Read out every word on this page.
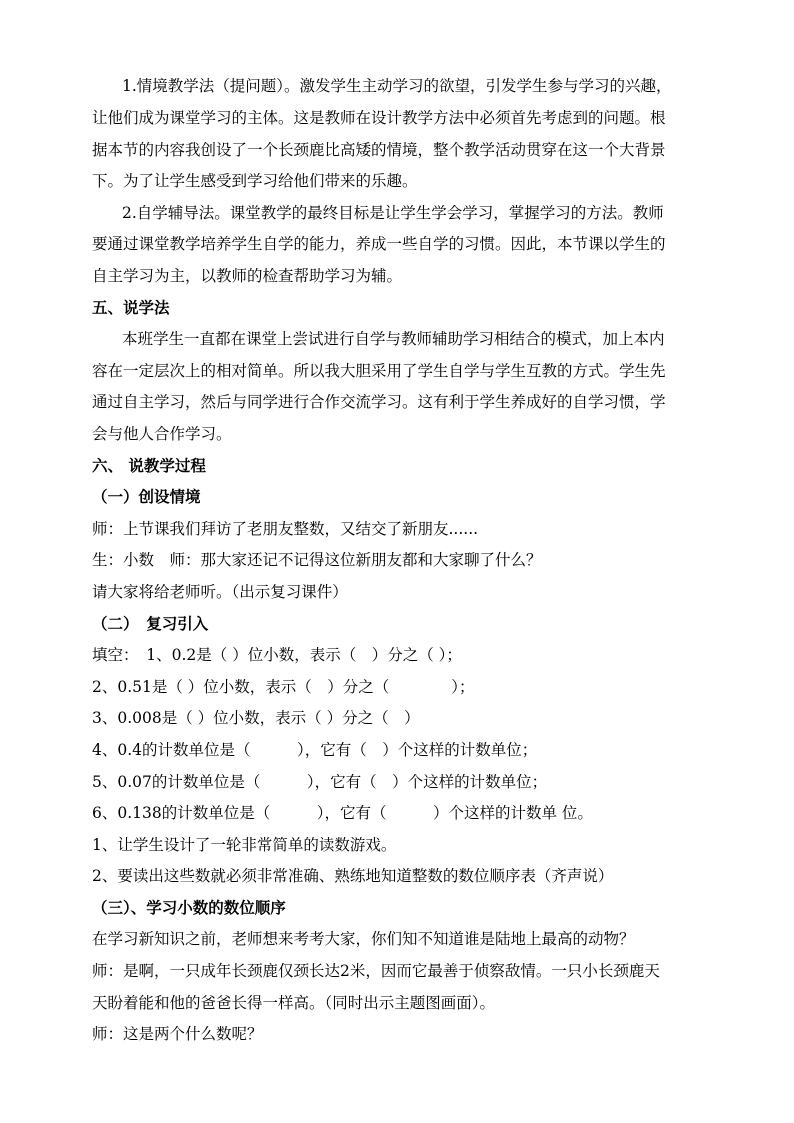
1.情境教学法（提问题）。激发学生主动学习的欲望，引发学生参与学习的兴趣，
让他们成为课堂学习的主体。这是教师在设计教学方法中必须首先考虑到的问题。根
据本节的内容我创设了一个长颈鹿比高矮的情境，整个教学活动贯穿在这一个大背景
下。为了让学生感受到学习给他们带来的乐趣。
2.自学辅导法。课堂教学的最终目标是让学生学会学习，掌握学习的方法。教师
要通过课堂教学培养学生自学的能力，养成一些自学的习惯。因此，本节课以学生的
自主学习为主，以教师的检查帮助学习为辅。
五、说学法
本班学生一直都在课堂上尝试进行自学与教师辅助学习相结合的模式，加上本内
容在一定层次上的相对简单。所以我大胆采用了学生自学与学生互教的方式。学生先
通过自主学习，然后与同学进行合作交流学习。这有利于学生养成好的自学习惯，学
会与他人合作学习。
六、 说教学过程
（一）创设情境
师：上节课我们拜访了老朋友整数，又结交了新朋友......
生：小数　师：那大家还记不记得这位新朋友都和大家聊了什么？
请大家将给老师听。（出示复习课件）
（二）　复习引入
填空：　1、0.2是（ ）位小数，表示（　）分之（ ）；
2、0.51是（ ）位小数，表示（　）分之（　　　　）；
3、0.008是（ ）位小数，表示（ ）分之（　）
4、0.4的计数单位是（　　　），它有（　）个这样的计数单位；
5、0.07的计数单位是（　　　），它有（　）个这样的计数单位；
6、0.138的计数单位是（　　　），它有（　　　）个这样的计数单 位。
1、让学生设计了一轮非常简单的读数游戏。
2、要读出这些数就必须非常准确、熟练地知道整数的数位顺序表（齐声说）
（三）、学习小数的数位顺序
在学习新知识之前，老师想来考考大家，你们知不知道谁是陆地上最高的动物？
师：是啊，一只成年长颈鹿仅颈长达2米，因而它最善于侦察敌情。一只小长颈鹿天
天盼着能和他的爸爸长得一样高。（同时出示主题图画面）。
师：这是两个什么数呢？
